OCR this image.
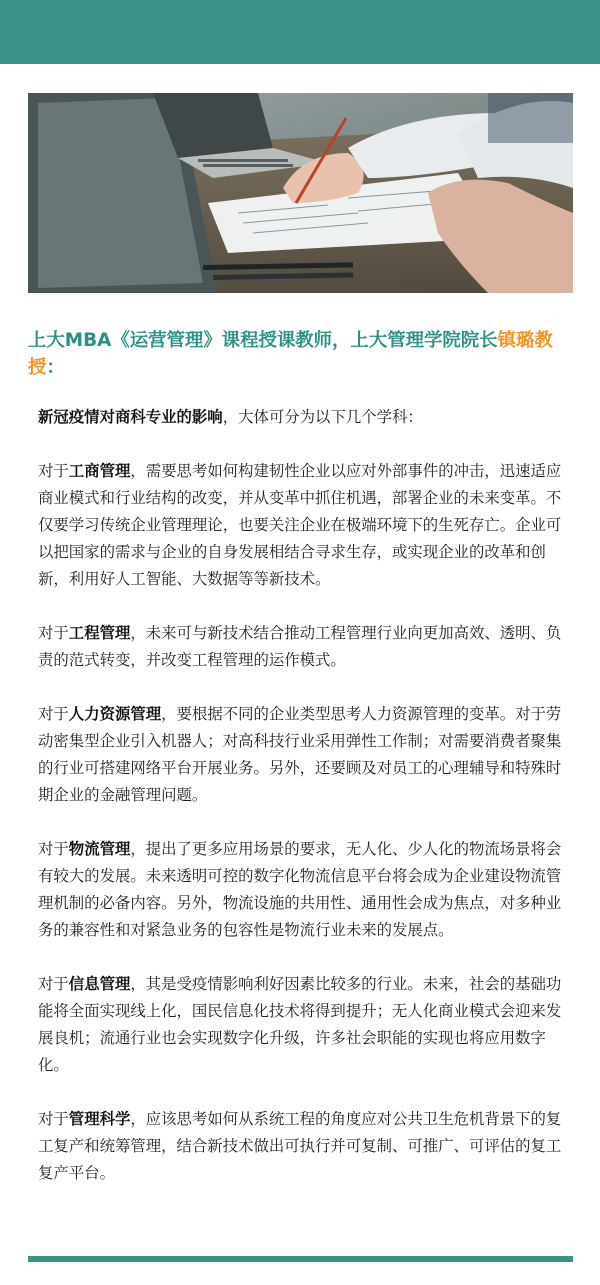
上大MBA《运营管理》课程授课教师，上大管理学院院长镇璐教授：

新冠疫情对商科专业的影响，大体可分为以下几个学科：

对于工商管理，需要思考如何构建韧性企业以应对外部事件的冲击，迅速适应商业模式和行业结构的改变，并从变革中抓住机遇，部署企业的未来变革。不仅要学习传统企业管理理论，也要关注企业在极端环境下的生死存亡。企业可以把国家的需求与企业的自身发展相结合寻求生存，或实现企业的改革和创新，利用好人工智能、大数据等等新技术。

对于工程管理，未来可与新技术结合推动工程管理行业向更加高效、透明、负责的范式转变，并改变工程管理的运作模式。

对于人力资源管理，要根据不同的企业类型思考人力资源管理的变革。对于劳动密集型企业引入机器人；对高科技行业采用弹性工作制；对需要消费者聚集的行业可搭建网络平台开展业务。另外，还要顾及对员工的心理辅导和特殊时期企业的金融管理问题。

对于物流管理，提出了更多应用场景的要求，无人化、少人化的物流场景将会有较大的发展。未来透明可控的数字化物流信息平台将会成为企业建设物流管理机制的必备内容。另外，物流设施的共用性、通用性会成为焦点，对多种业务的兼容性和对紧急业务的包容性是物流行业未来的发展点。

对于信息管理，其是受疫情影响利好因素比较多的行业。未来，社会的基础功能将全面实现线上化，国民信息化技术将得到提升；无人化商业模式会迎来发展良机；流通行业也会实现数字化升级，许多社会职能的实现也将应用数字化。

对于管理科学，应该思考如何从系统工程的角度应对公共卫生危机背景下的复工复产和统筹管理，结合新技术做出可执行并可复制、可推广、可评估的复工复产平台。
